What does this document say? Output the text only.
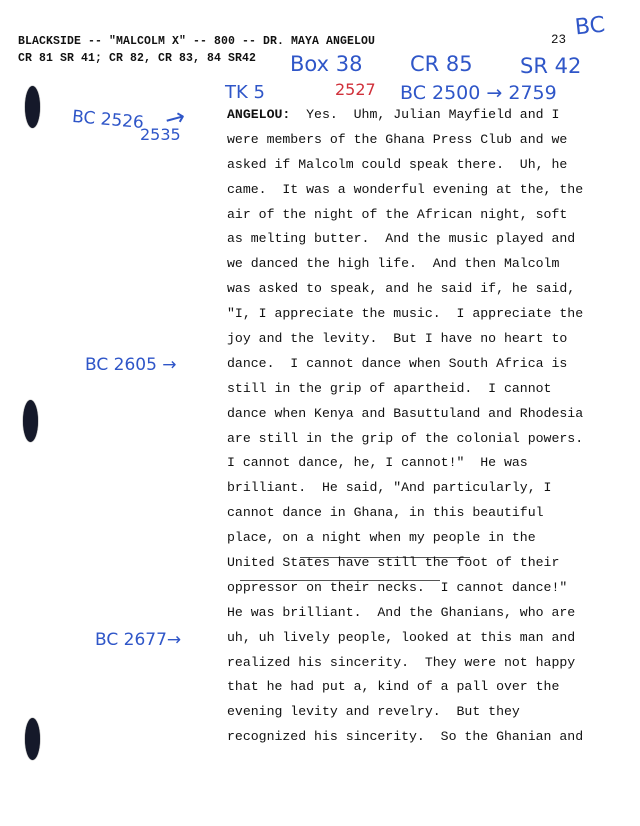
BLACKSIDE -- "MALCOLM X" -- 800 -- DR. MAYA ANGELOU
CR 81 SR 41; CR 82, CR 83, 84 SR42
23 BC
Box 38 CR 85 SR 42
TK 5	2527 BC 2500 → 2759
BC 2526
2535
→
BC 2605 →
BC 2677→
ANGELOU:  Yes.  Uhm, Julian Mayfield and I
were members of the Ghana Press Club and we
asked if Malcolm could speak there.  Uh, he
came.  It was a wonderful evening at the, the
air of the night of the African night, soft
as melting butter.  And the music played and
we danced the high life.  And then Malcolm
was asked to speak, and he said if, he said,
"I, I appreciate the music.  I appreciate the
joy and the levity.  But I have no heart to
dance.  I cannot dance when South Africa is
still in the grip of apartheid.  I cannot
dance when Kenya and Basuttuland and Rhodesia
are still in the grip of the colonial powers.
I cannot dance, he, I cannot!"  He was
brilliant.  He said, "And particularly, I
cannot dance in Ghana, in this beautiful
place, on a night when my people in the
United States have still the foot of their
oppressor on their necks.  I cannot dance!"
He was brilliant.  And the Ghanians, who are
uh, uh lively people, looked at this man and
realized his sincerity.  They were not happy
that he had put a, kind of a pall over the
evening levity and revelry.  But they
recognized his sincerity.  So the Ghanian and
